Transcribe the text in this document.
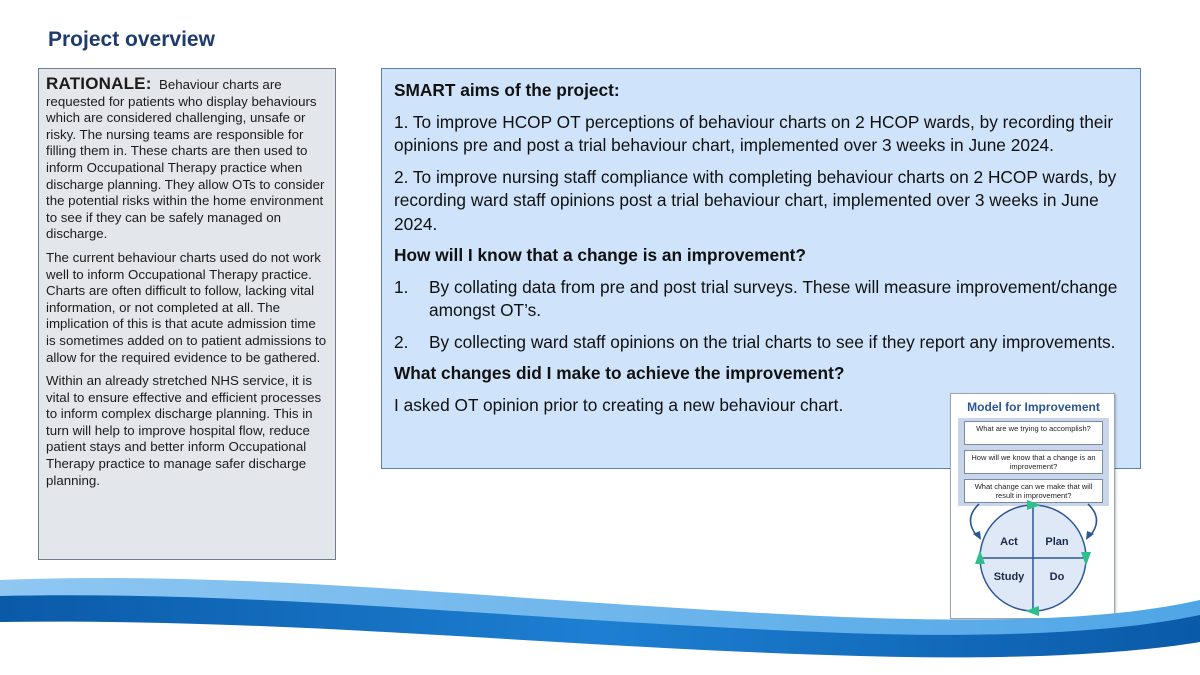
Project overview

RATIONALE: Behaviour charts are requested for patients who display behaviours which are considered challenging, unsafe or risky. The nursing teams are responsible for filling them in. These charts are then used to inform Occupational Therapy practice when discharge planning. They allow OTs to consider the potential risks within the home environment to see if they can be safely managed on discharge.

The current behaviour charts used do not work well to inform Occupational Therapy practice. Charts are often difficult to follow, lacking vital information, or not completed at all. The implication of this is that acute admission time is sometimes added on to patient admissions to allow for the required evidence to be gathered.

Within an already stretched NHS service, it is vital to ensure effective and efficient processes to inform complex discharge planning. This in turn will help to improve hospital flow, reduce patient stays and better inform Occupational Therapy practice to manage safer discharge planning.

SMART aims of the project:

1. To improve HCOP OT perceptions of behaviour charts on 2 HCOP wards, by recording their opinions pre and post a trial behaviour chart, implemented over 3 weeks in June 2024.

2. To improve nursing staff compliance with completing behaviour charts on 2 HCOP wards, by recording ward staff opinions post a trial behaviour chart, implemented over 3 weeks in June 2024.

How will I know that a change is an improvement?

1. By collating data from pre and post trial surveys. These will measure improvement/change amongst OT’s.
2. By collecting ward staff opinions on the trial charts to see if they report any improvements.

What changes did I make to achieve the improvement?

I asked OT opinion prior to creating a new behaviour chart.	Model for Improvement
What are we trying to accomplish?
How will we know that a change is an improvement?
What change can we make that will result in improvement?
Act	Plan
Study Do
